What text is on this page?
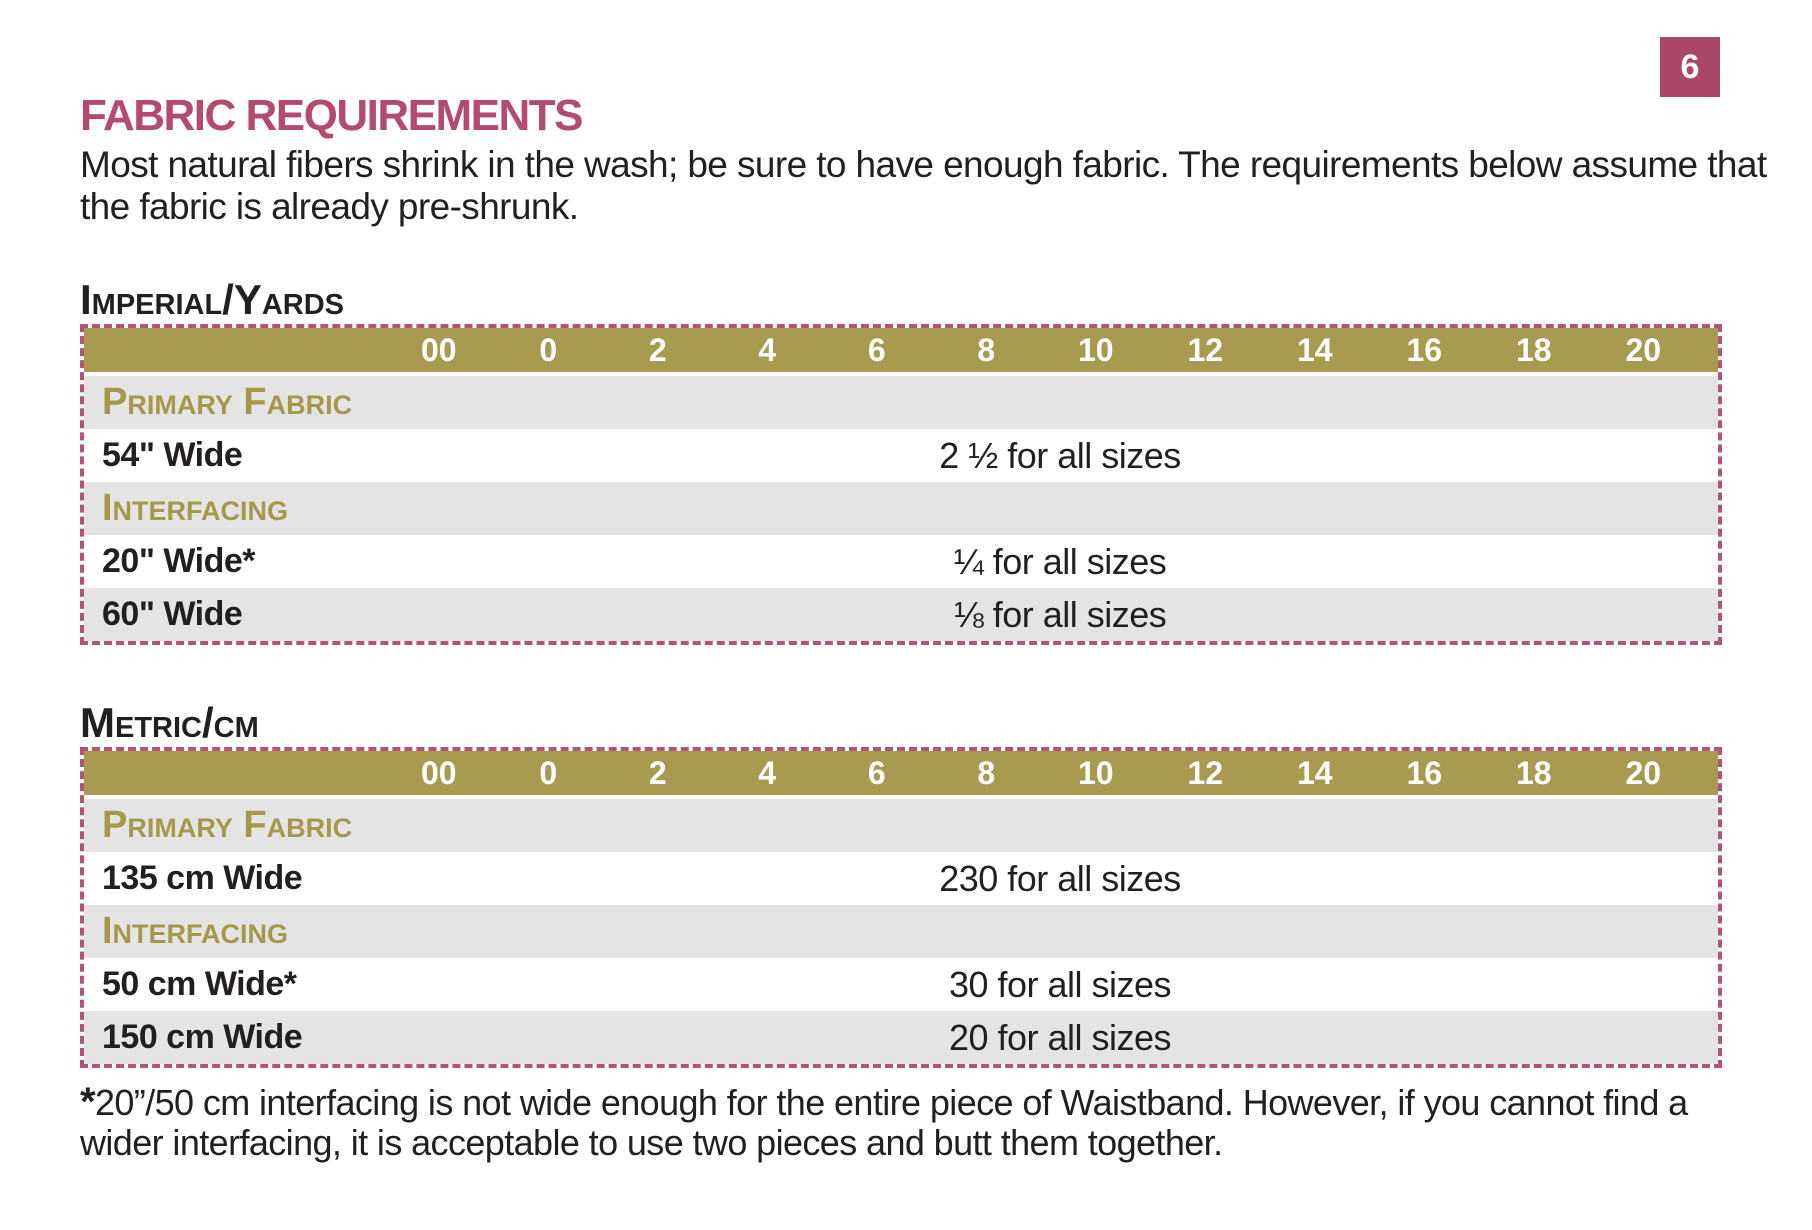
6
FABRIC REQUIREMENTS
Most natural fibers shrink in the wash; be sure to have enough fabric. The requirements below assume that
the fabric is already pre-shrunk.
Imperial/Yards
00	0	2	4	6	8	10	12	14	16	18	20
Primary Fabric
54" Wide	2 ½ for all sizes
Interfacing
20" Wide*	¼ for all sizes
60" Wide	⅛ for all sizes
Metric/cm
00	0	2	4	6	8	10	12	14	16	18	20
Primary Fabric
135 cm Wide	230 for all sizes
Interfacing
50 cm Wide*	30 for all sizes
150 cm Wide	20 for all sizes
*20”/50 cm interfacing is not wide enough for the entire piece of Waistband. However, if you cannot find a
wider interfacing, it is acceptable to use two pieces and butt them together.
